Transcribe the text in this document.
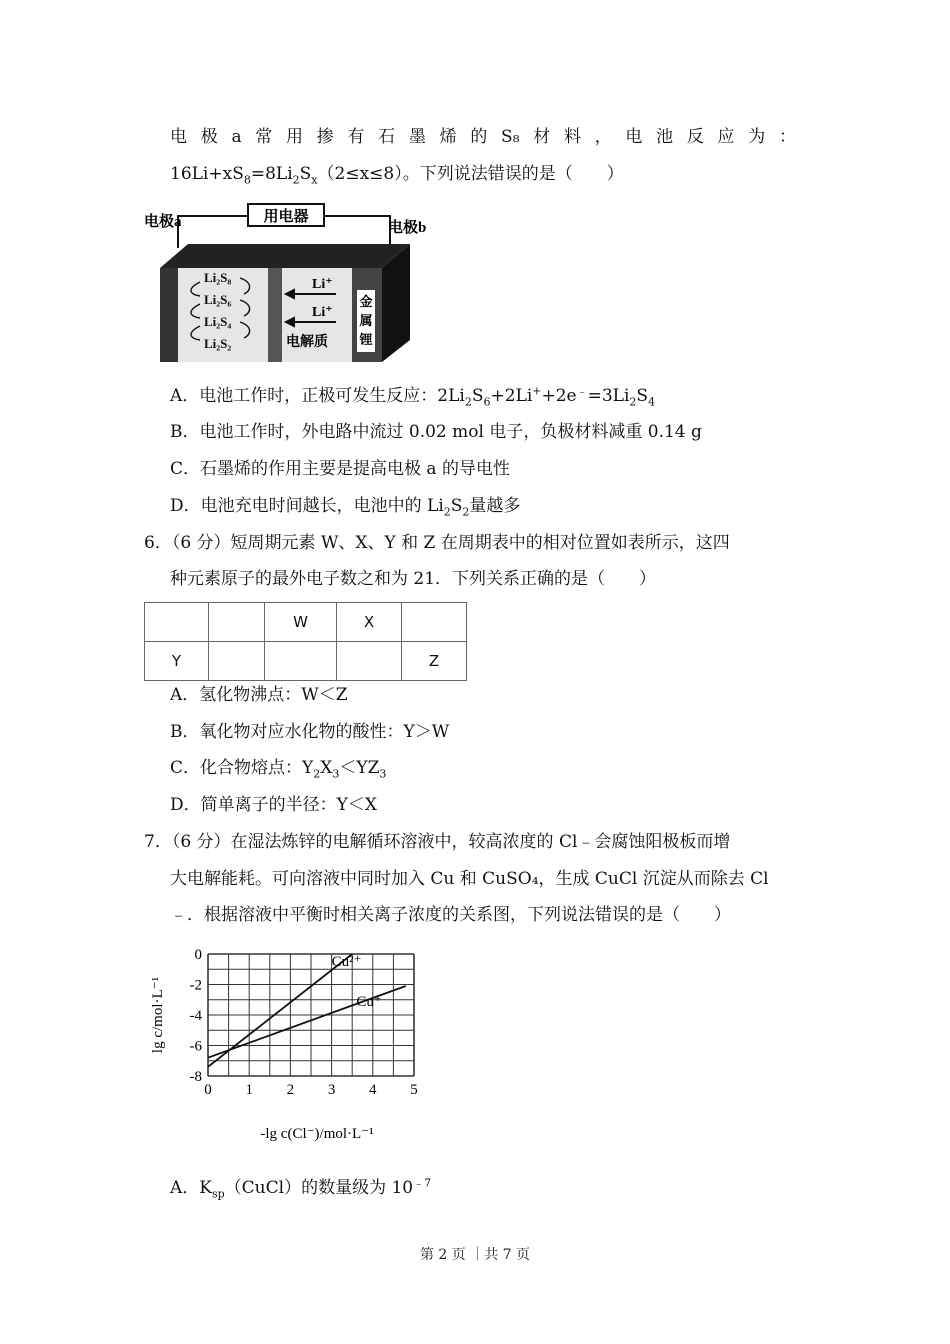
电 极 a 常 用 掺 有 石 墨 烯 的 S₈ 材 料 ， 电 池 反 应 为 ：
$16Li+xS_8=8Li_2S_x(2\le x\le 8)$。下列说法错误的是（　　）
用电器
电极a	电极b
金
属
锂
Li₂S₈
Li₂S₆
Li₂S₄
Li₂S₂
Li⁺
Li⁺
电解质
A．电池工作时，正极可发生反应：$2Li_2S_6+2Li^++2e^﹣=3Li_2S_4$
B．电池工作时，外电路中流过 0.02 mol 电子，负极材料减重 0.14 g
C．石墨烯的作用主要是提高电极 a 的导电性
D．电池充电时间越长，电池中的 $Li_2S_2$量越多
6．（6 分）短周期元素 W、X、Y 和 Z 在周期表中的相对位置如表所示，这四
种元素原子的最外电子数之和为 21．下列关系正确的是（　　）
		W	X	
Y				Z
A．氢化物沸点：W＜Z
B．氧化物对应水化物的酸性：Y＞W
C．化合物熔点：$Y_2X_3<YZ_3$
D．简单离子的半径：Y＜X
7．（6 分）在湿法炼锌的电解循环溶液中，较高浓度的 Cl﹣会腐蚀阳极板而增
大电解能耗。可向溶液中同时加入 Cu 和 CuSO₄，生成 CuCl 沉淀从而除去 Cl
﹣．根据溶液中平衡时相关离子浓度的关系图，下列说法错误的是（　　）
Cu²⁺
Cu⁺
0 1 2 3 4 5
0
-2
-4
-6
-8
-lg c(Cl⁻)/mol·L⁻¹
lg c/mol·L⁻¹
A．$K_{sp}(CuCl)$的数量级为 $10^{﹣7}$
第 2 页 ｜共 7 页
